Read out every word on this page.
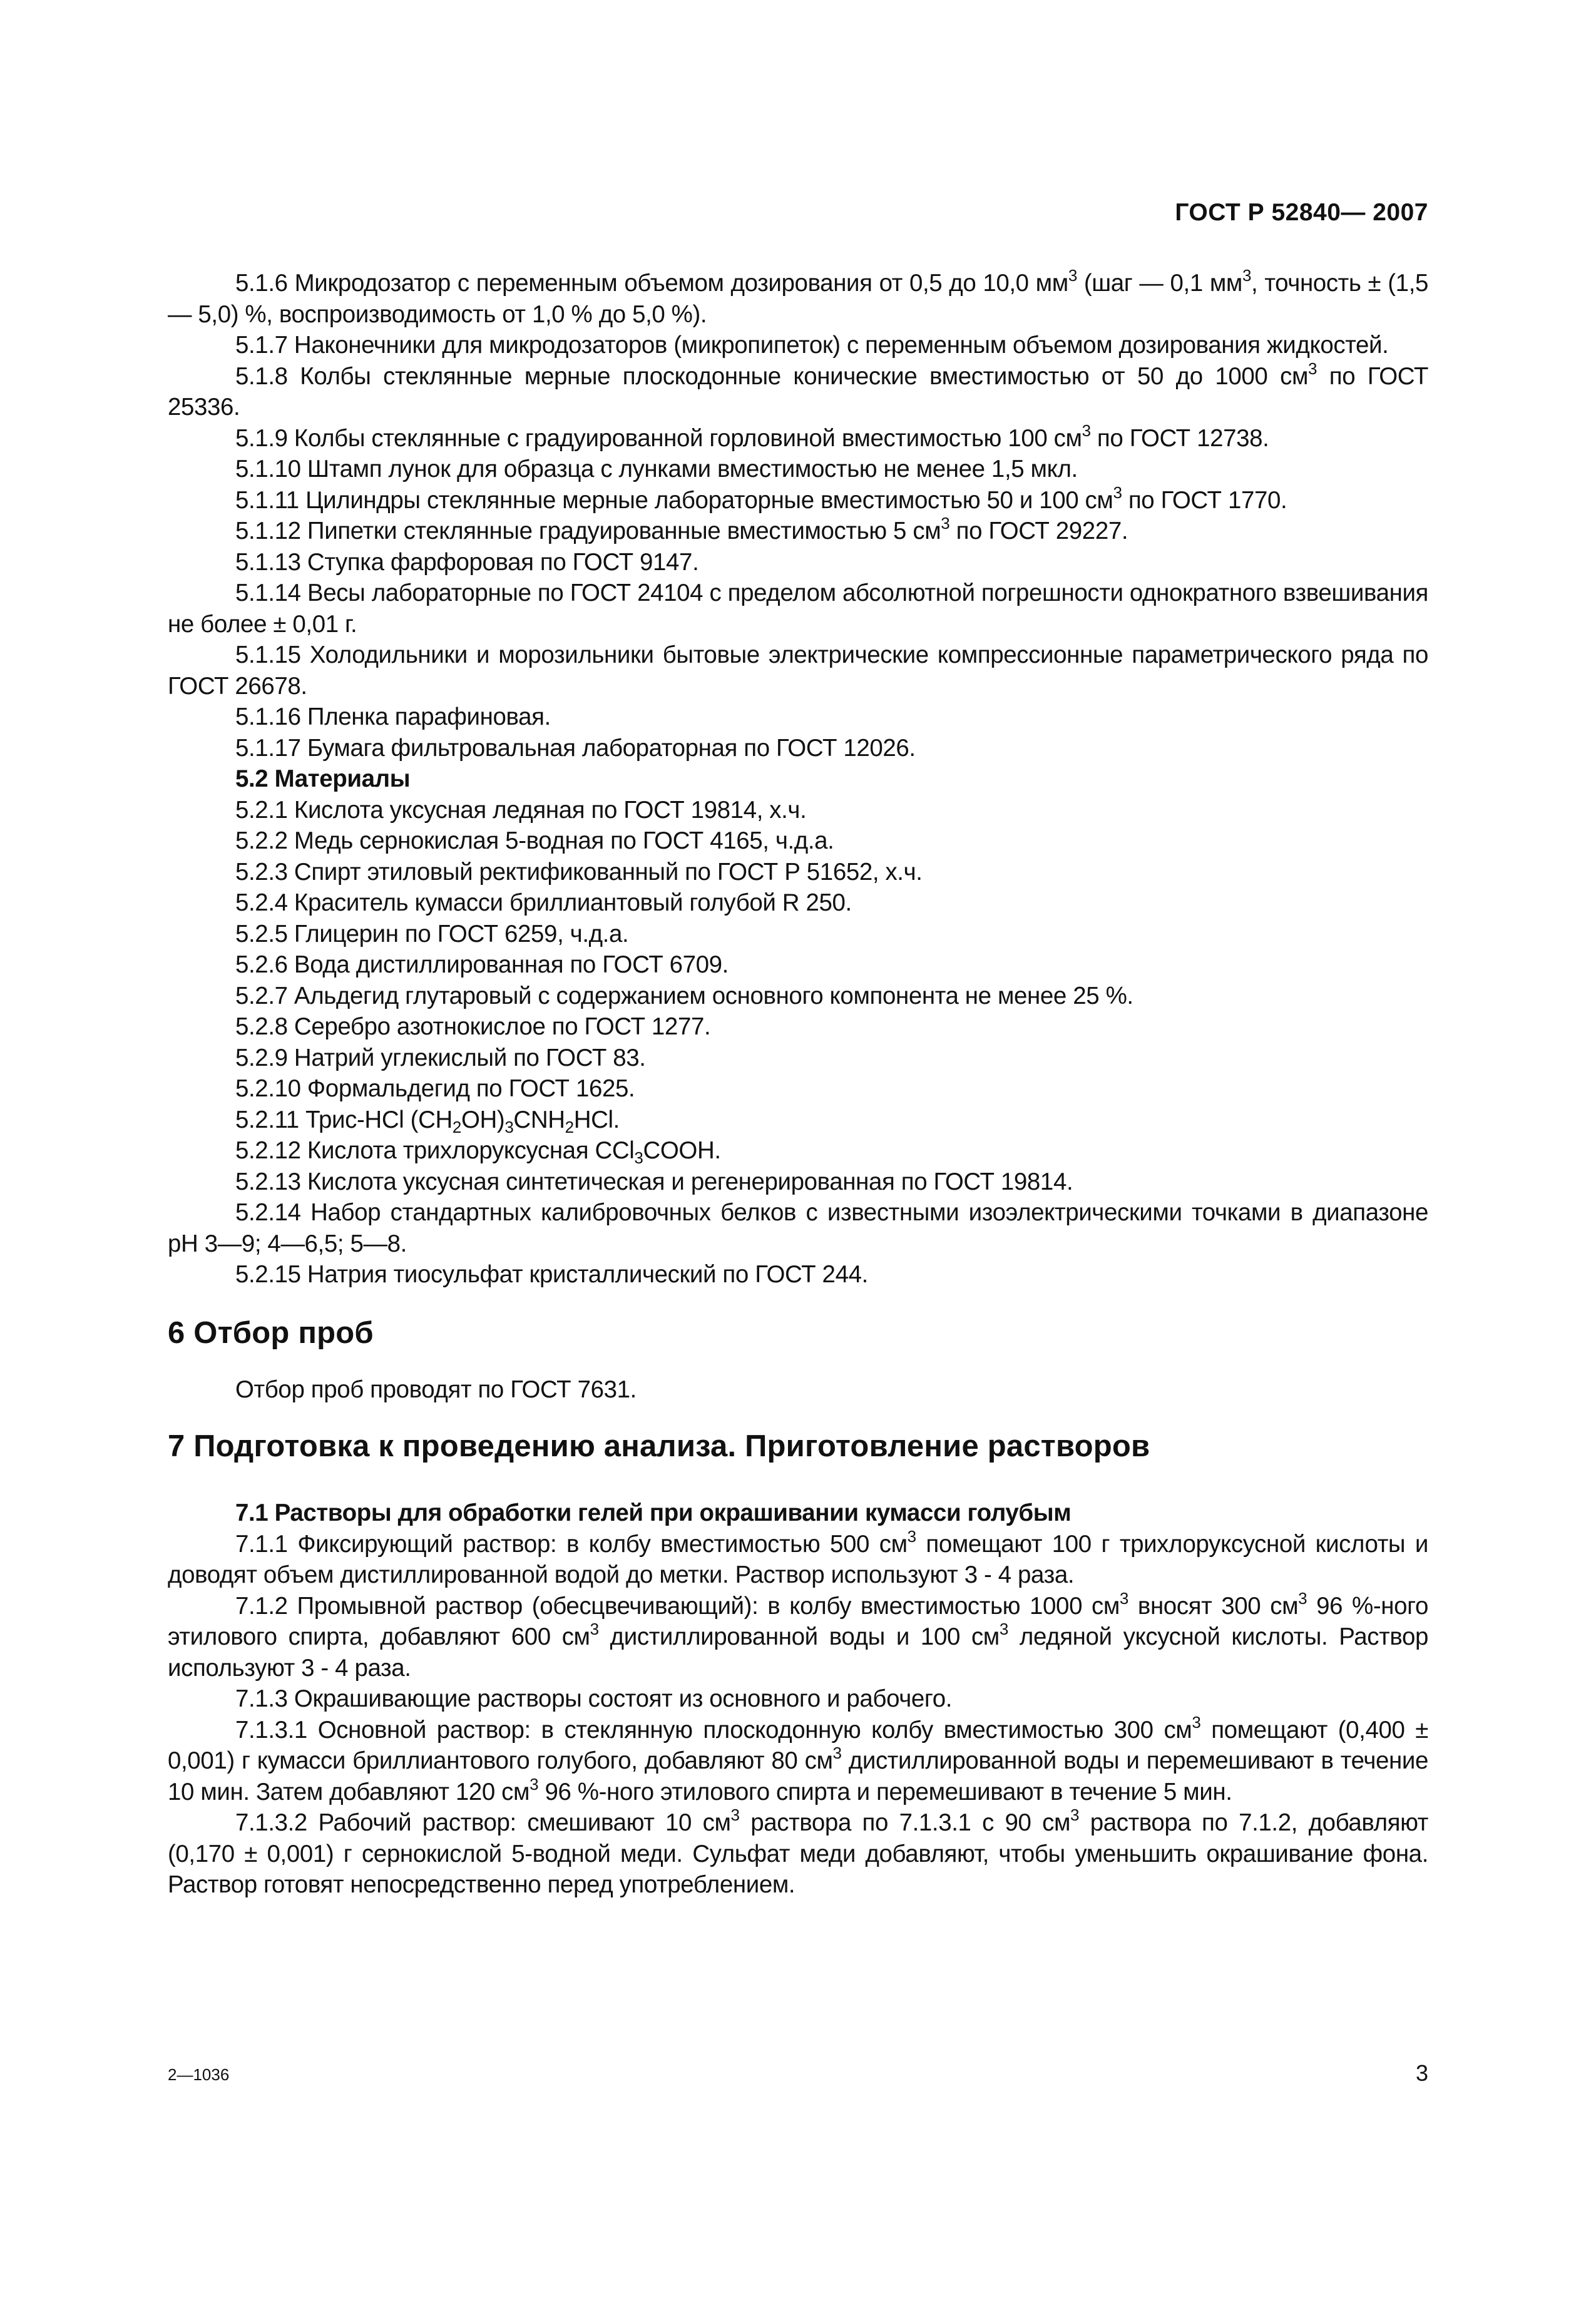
ГОСТ Р 52840— 2007

5.1.6 Микродозатор с переменным объемом дозирования от 0,5 до 10,0 $мм^3$ (шаг — 0,1 $мм^3$, точность ± (1,5 — 5,0) %, воспроизводимость от 1,0 % до 5,0 %).

5.1.7 Наконечники для микродозаторов (микропипеток) с переменным объемом дозирования жидкостей.

5.1.8 Колбы стеклянные мерные плоскодонные конические вместимостью от 50 до 1000 $см^3$ по ГОСТ 25336.

5.1.9 Колбы стеклянные с градуированной горловиной вместимостью 100 $см^3$ по ГОСТ 12738.

5.1.10 Штамп лунок для образца с лунками вместимостью не менее 1,5 мкл.

5.1.11 Цилиндры стеклянные мерные лабораторные вместимостью 50 и 100 $см^3$ по ГОСТ 1770.

5.1.12 Пипетки стеклянные градуированные вместимостью 5 $см^3$ по ГОСТ 29227.

5.1.13 Ступка фарфоровая по ГОСТ 9147.

5.1.14 Весы лабораторные по ГОСТ 24104 с пределом абсолютной погрешности однократного взвешивания не более ± 0,01 г.

5.1.15 Холодильники и морозильники бытовые электрические компрессионные параметрического ряда по ГОСТ 26678.

5.1.16 Пленка парафиновая.

5.1.17 Бумага фильтровальная лабораторная по ГОСТ 12026.

5.2 Материалы

5.2.1 Кислота уксусная ледяная по ГОСТ 19814, х.ч.

5.2.2 Медь сернокислая 5-водная по ГОСТ 4165, ч.д.а.

5.2.3 Спирт этиловый ректификованный по ГОСТ Р 51652, х.ч.

5.2.4 Краситель кумасси бриллиантовый голубой R 250.

5.2.5 Глицерин по ГОСТ 6259, ч.д.а.

5.2.6 Вода дистиллированная по ГОСТ 6709.

5.2.7 Альдегид глутаровый с содержанием основного компонента не менее 25 %.

5.2.8 Серебро азотнокислое по ГОСТ 1277.

5.2.9 Натрий углекислый по ГОСТ 83.

5.2.10 Формальдегид по ГОСТ 1625.

5.2.11 Трис-HCl $(CH_2OH)_3CNH_2HCl$.

5.2.12 Кислота трихлоруксусная CCl$_3$COOH.

5.2.13 Кислота уксусная синтетическая и регенерированная по ГОСТ 19814.

5.2.14 Набор стандартных калибровочных белков с известными изоэлектрическими точками в диапазоне pH 3—9; 4—6,5; 5—8.

5.2.15 Натрия тиосульфат кристаллический по ГОСТ 244.

6 Отбор проб

Отбор проб проводят по ГОСТ 7631.

7 Подготовка к проведению анализа. Приготовление растворов

7.1 Растворы для обработки гелей при окрашивании кумасси голубым

7.1.1 Фиксирующий раствор: в колбу вместимостью 500 $см^3$ помещают 100 г трихлоруксусной кислоты и доводят объем дистиллированной водой до метки. Раствор используют 3 - 4 раза.

7.1.2 Промывной раствор (обесцвечивающий): в колбу вместимостью 1000 $см^3$ вносят 300 $см^3$ 96 %-ного этилового спирта, добавляют 600 $см^3$ дистиллированной воды и 100 $см^3$ ледяной уксусной кислоты. Раствор используют 3 - 4 раза.

7.1.3 Окрашивающие растворы состоят из основного и рабочего.

7.1.3.1 Основной раствор: в стеклянную плоскодонную колбу вместимостью 300 $см^3$ помещают (0,400 ± 0,001) г кумасси бриллиантового голубого, добавляют 80 $см^3$ дистиллированной воды и перемешивают в течение 10 мин. Затем добавляют 120 $см^3$ 96 %-ного этилового спирта и перемешивают в течение 5 мин.

7.1.3.2 Рабочий раствор: смешивают 10 $см^3$ раствора по 7.1.3.1 с 90 $см^3$ раствора по 7.1.2, добавляют (0,170 ± 0,001) г сернокислой 5-водной меди. Сульфат меди добавляют, чтобы уменьшить окрашивание фона. Раствор готовят непосредственно перед употреблением.

2—1036	3
